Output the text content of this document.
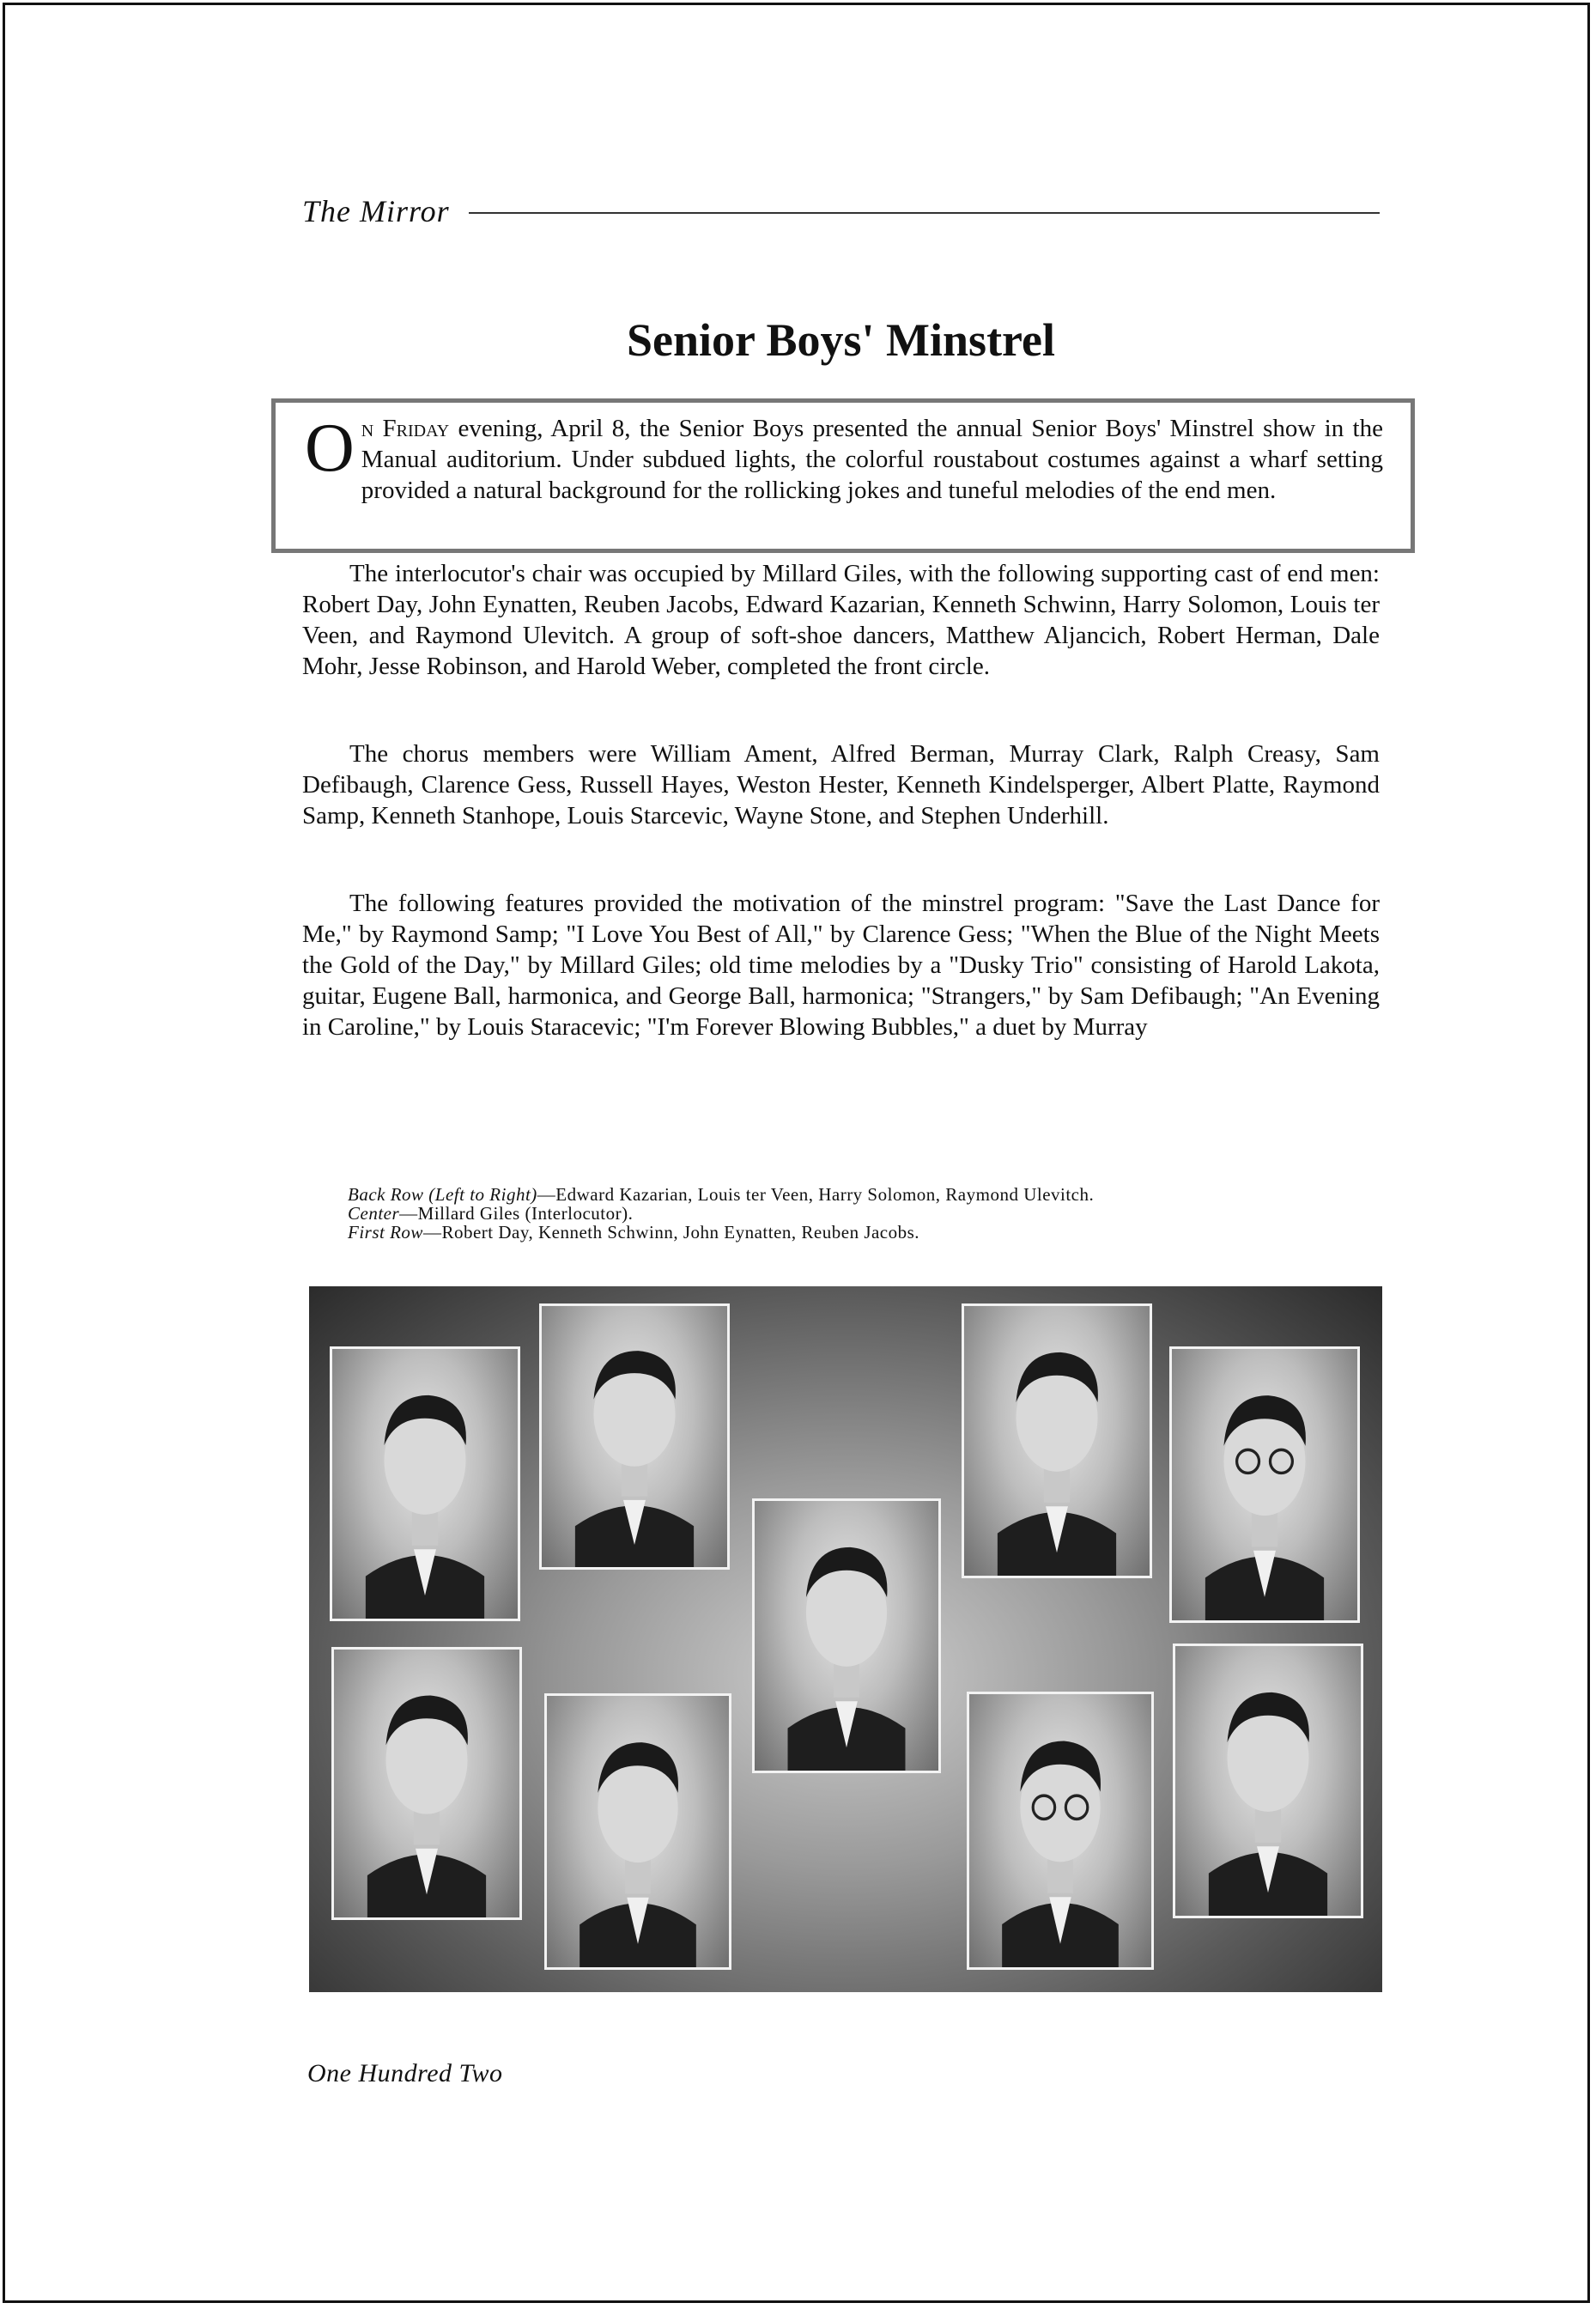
The Mirror
Senior Boys' Minstrel
On Friday evening, April 8, the Senior Boys presented the annual Senior Boys' Minstrel show in the Manual auditorium. Under subdued lights, the colorful roustabout costumes against a wharf setting provided a natural background for the rollicking jokes and tuneful melodies of the end men.

The interlocutor's chair was occupied by Millard Giles, with the following supporting cast of end men: Robert Day, John Eynatten, Reuben Jacobs, Edward Kazarian, Kenneth Schwinn, Harry Solomon, Louis ter Veen, and Raymond Ulevitch. A group of soft-shoe dancers, Matthew Aljancich, Robert Herman, Dale Mohr, Jesse Robinson, and Harold Weber, completed the front circle.

The chorus members were William Ament, Alfred Berman, Murray Clark, Ralph Creasy, Sam Defibaugh, Clarence Gess, Russell Hayes, Weston Hester, Kenneth Kindelsperger, Albert Platte, Raymond Samp, Kenneth Stanhope, Louis Starcevic, Wayne Stone, and Stephen Underhill.

The following features provided the motivation of the minstrel program: "Save the Last Dance for Me," by Raymond Samp; "I Love You Best of All," by Clarence Gess; "When the Blue of the Night Meets the Gold of the Day," by Millard Giles; old time melodies by a "Dusky Trio" consisting of Harold Lakota, guitar, Eugene Ball, harmonica, and George Ball, harmonica; "Strangers," by Sam Defibaugh; "An Evening in Caroline," by Louis Staracevic; "I'm Forever Blowing Bubbles," a duet by Murray

Back Row (Left to Right)—Edward Kazarian, Louis ter Veen, Harry Solomon, Raymond Ulevitch.
Center—Millard Giles (Interlocutor).
First Row—Robert Day, Kenneth Schwinn, John Eynatten, Reuben Jacobs.
One Hundred Two
